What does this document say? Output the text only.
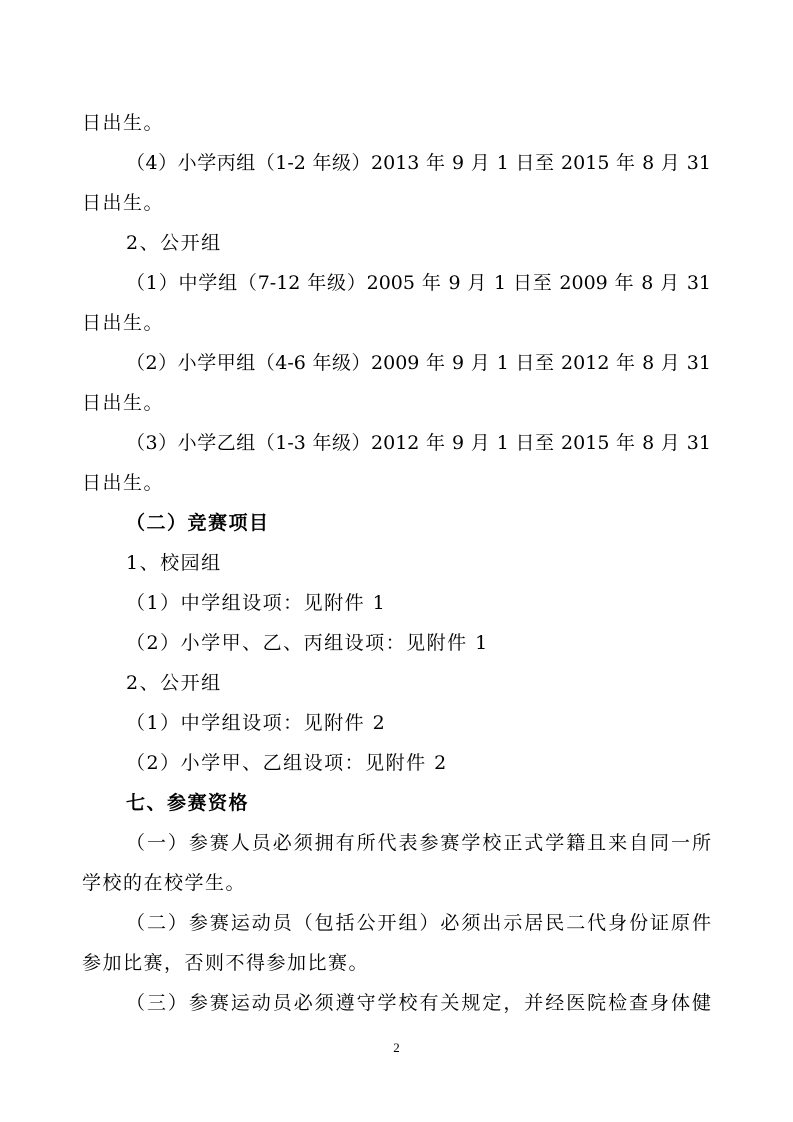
日出生。
（4）小学丙组（1-2 年级）2013 年 9 月 1 日至 2015 年 8 月 31
日出生。
2、公开组
（1）中学组（7-12 年级）2005 年 9 月 1 日至 2009 年 8 月 31
日出生。
（2）小学甲组（4-6 年级）2009 年 9 月 1 日至 2012 年 8 月 31
日出生。
（3）小学乙组（1-3 年级）2012 年 9 月 1 日至 2015 年 8 月 31
日出生。
（二）竞赛项目
1、校园组
（1）中学组设项：见附件 1
（2）小学甲、乙、丙组设项：见附件 1
2、公开组
（1）中学组设项：见附件 2
（2）小学甲、乙组设项：见附件 2
七、参赛资格
（一）参赛人员必须拥有所代表参赛学校正式学籍且来自同一所
学校的在校学生。
（二）参赛运动员（包括公开组）必须出示居民二代身份证原件
参加比赛，否则不得参加比赛。
（三）参赛运动员必须遵守学校有关规定，并经医院检查身体健
2
